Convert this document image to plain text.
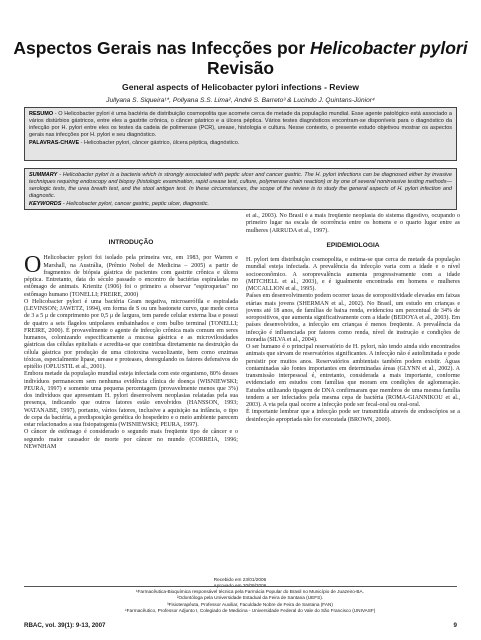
Aspectos Gerais nas Infecções por Helicobacter pylori
Revisão
General aspects of Helicobacter pylori infections - Review
Jullyana S. Siqueira¹*, Pollyana S.S. Lima², André S. Barreto³ & Lucindo J. Quintans-Júnior⁴
RESUMO - O Helicobacter pylori é uma bactéria de distribuição cosmopolita que acomete cerca de metade da população mundial. Esse agente patológico está associado a vários distúrbios gástricos, entre eles a gastrite crônica, o câncer gástrico e a úlcera péptica. Vários testes diagnósticos encontram-se disponíveis para o diagnóstico da infecção por H. pylori entre eles os testes da cadeia de polimerase (PCR), urease, histologia e cultura. Nesse contexto, o presente estudo objetivou mostrar os aspectos gerais nas infecções por H. pylori e seu diagnóstico.
PALAVRAS-CHAVE - Helicobacter pylori, câncer gástrico, úlcera péptica, diagnóstico.
SUMMARY - Helicobacter pylori is a bacteria which is strongly associated with peptic ulcer and cancer gastric. The H. pylori infections can be diagnosed either by invasive techniques requiring endoscopy and biopsy (histologic examination, rapid urease test, culture, polymerase chain reaction) or by one of several noninvasive testing methods—serologic tests, the urea breath test, and the stool antigen test. In these circumstances, the scope of the review is to study the general aspects of H. pylori infection and diagnostic.
KEYWORDS - Helicobacter pylori, cancer gastric, peptic ulcer, diagnostic.
INTRODUÇÃO

O Helicobacter pylori foi isolado pela primeira vez, em 1983, por Warren e Marshall, na Austrália, (Prêmio Nobel de Medicina – 2005) a partir de fragmentos de biópsia gástrica de pacientes com gastrite crônica e úlcera péptica. Entretanto, data do século passado o encontro de bactérias espiraladas no estômago de animais. Krienitz (1906) foi o primeiro a observar "espiroquetas" no estômago humano (TONELLI; FREIRE, 2000)

O Helicobacter pylori é uma bactéria Gram negativa, microaerófila e espiralada (LEVINSON; JAWETZ, 1994), em forma de S ou um bastonete curvo, que mede cerca de 3 a 5 μ de comprimento por 0,5 μ de largura, tem parede celular externa lisa e possui de quatro a seis flagelos unipolares embainhados e com bulbo terminal (TONELLI; FREIRE, 2000). É provavelmente o agente de infecção crônica mais comum em seres humanos, colonizando especificamente a mucosa gástrica e as microvilosidades gástricas das células epiteliais e acredita-se que contribua diretamente na destruição da célula gástrica por produção de uma citotoxina vacuolizante, bem como enzimas tóxicas, especialmente lipase, urease e proteases, desregulando os fatores defensivos do epitélio (OPLUSTIL et al., 2001).

Embora metade da população mundial esteja infectada com este organismo, 80% desses indivíduos permanecem sem nenhuma evidência clínica de doença (WISNIEWSKI; PEURA, 1997) e somente uma pequena percentagem (provavelmente menos que 3%) dos indivíduos que apresentam H. pylori desenvolvem neoplasias relatadas pela sua presença, indicando que outros fatores estão envolvidos (HANSSON, 1993; WATANABE, 1997), portanto, vários fatores, inclusive a aquisição na infância, o tipo de cepa da bactéria, a predisposição genética do hospedeiro e o meio ambiente parecem estar relacionados a sua fisiopatogenia (WISNIEWSKI; PEURA, 1997).

O câncer de estômago é considerado o segundo mais freqüente tipo de câncer e o segundo maior causador de morte por câncer no mundo (CORREIA, 1996; NEWNHAM

et al., 2003). No Brasil é a mais freqüente neoplasia do sistema digestivo, ocupando o primeiro lugar na escala de ocorrência entre os homens e o quarto lugar entre as mulheres (ARRUDA et al., 1997).

EPIDEMIOLOGIA

H. pylori tem distribuição cosmopolita, e estima-se que cerca de metade da população mundial esteja infectada. A prevalência da infecção varia com a idade e o nível socioeconômico. A soroprevalência aumenta progressivamente com a idade (MITCHELL et al., 2003), e é igualmente encontrada em homens e mulheres (MCCALLION et al., 1995).

Países em desenvolvimento podem ocorrer taxas de soropositividade elevadas em faixas etárias mais jovens (SHERMAN et al., 2002). No Brasil, um estudo em crianças e jovens até 18 anos, de famílias de baixa renda, evidenciou um percentual de 34% de soropositivos, que aumenta significativamente com a idade (BEDOYA et al., 2003). Em países desenvolvidos, a infecção em crianças é menos freqüente. A prevalência da infecção é influenciada por fatores como renda, nível de instrução e condições de moradia (SILVA et al., 2004).

O ser humano é o principal reservatório de H. pylori, não tendo ainda sido encontrados animais que sirvam de reservatórios significantes. A infecção não é autolimitada e pode persistir por muitos anos. Reservatórios ambientais também podem existir. Águas contaminadas são fontes importantes em determinadas áreas (GLYNN et al., 2002). A transmissão interpessoal é, entretanto, considerada a mais importante, conforme evidenciado em estudos com famílias que moram em condições de aglomeração. Estudos utilizando tipagem de DNA confirmaram que membros de uma mesma família tendem a ser infectados pela mesma cepa de bactéria (ROMA-GIANNIKOU et al., 2003). A via pela qual ocorre a infecção pode ser fecal-oral ou oral-oral.

É importante lembrar que a infecção pode ser transmitida através de endoscópios se a desinfecção apropriada não for executada (BROWN, 2000).

Recebido em 23/01/2006
Aprovado em 20/09/2006
¹Farmacêutica-Bioquímica responsável técnica pela Farmácia Popular do Brasil no Município de Juazeiro-BA.
²Odontóloga pela Universidade Estadual da Feira de Santana (UEFS).
³Fisioterapêuta, Professor Auxiliar, Faculdade Nobre de Feira de Santana (FAN)
⁴Farmacêutico, Professor Adjunto I, Colegiado de Medicina - Universidade Federal do Vale do São Francisco (UNIVASF)
RBAC, vol. 39(1): 9-13, 2007	9
